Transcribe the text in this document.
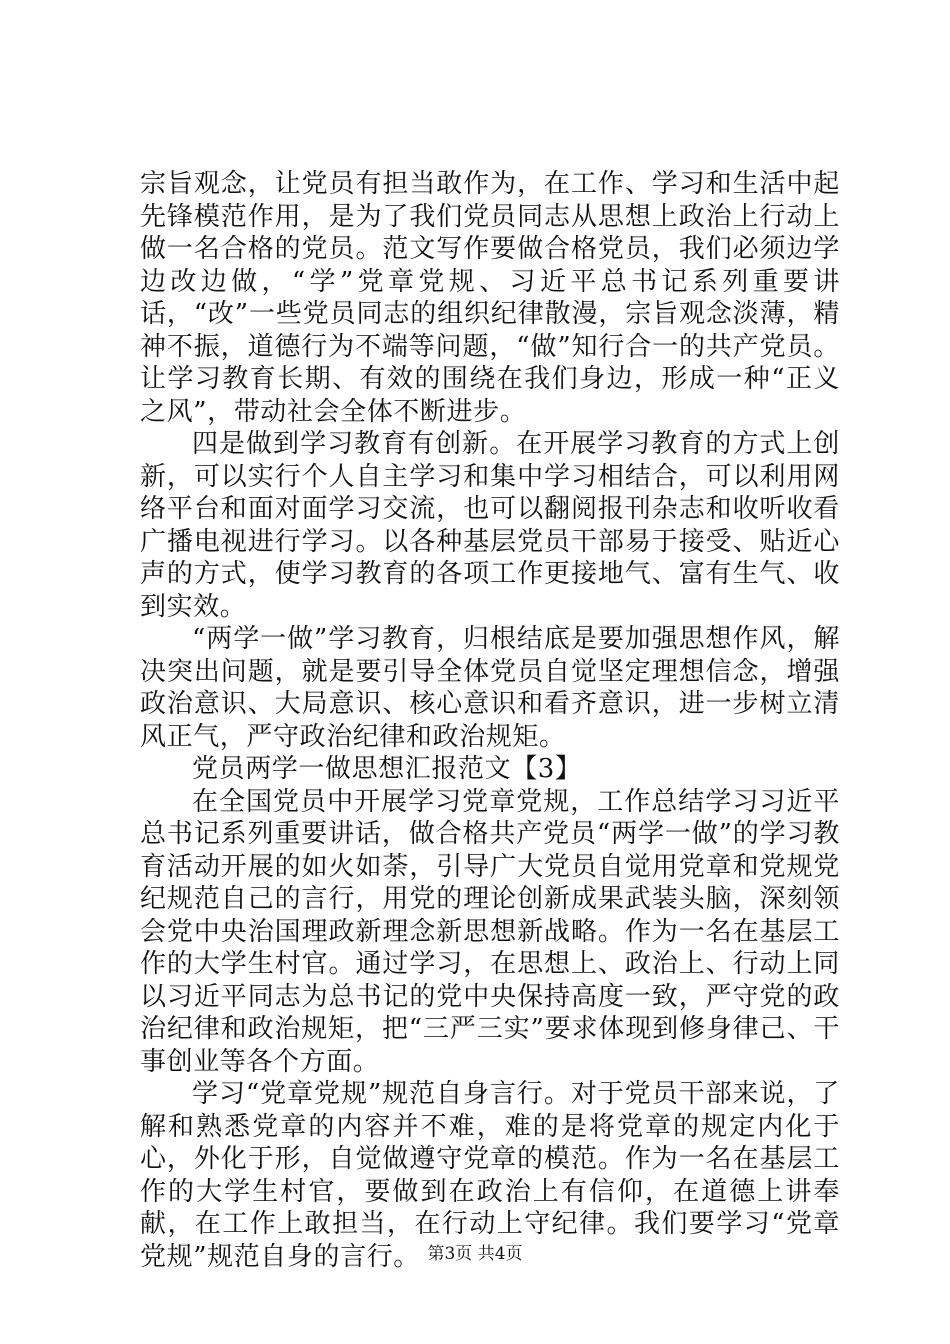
宗旨观念，让党员有担当敢作为，在工作、学习和生活中起先锋模范作用，是为了我们党员同志从思想上政治上行动上做一名合格的党员。范文写作要做合格党员，我们必须边学边改边做，“学”党章党规、习近平总书记系列重要讲话，“改”一些党员同志的组织纪律散漫，宗旨观念淡薄，精神不振，道德行为不端等问题，“做”知行合一的共产党员。让学习教育长期、有效的围绕在我们身边，形成一种“正义之风”，带动社会全体不断进步。

四是做到学习教育有创新。在开展学习教育的方式上创新，可以实行个人自主学习和集中学习相结合，可以利用网络平台和面对面学习交流，也可以翻阅报刊杂志和收听收看广播电视进行学习。以各种基层党员干部易于接受、贴近心声的方式，使学习教育的各项工作更接地气、富有生气、收到实效。

“两学一做”学习教育，归根结底是要加强思想作风，解决突出问题，就是要引导全体党员自觉坚定理想信念，增强政治意识、大局意识、核心意识和看齐意识，进一步树立清风正气，严守政治纪律和政治规矩。

党员两学一做思想汇报范文【3】

在全国党员中开展学习党章党规，工作总结学习习近平总书记系列重要讲话，做合格共产党员“两学一做”的学习教育活动开展的如火如荼，引导广大党员自觉用党章和党规党纪规范自己的言行，用党的理论创新成果武装头脑，深刻领会党中央治国理政新理念新思想新战略。作为一名在基层工作的大学生村官。通过学习，在思想上、政治上、行动上同以习近平同志为总书记的党中央保持高度一致，严守党的政治纪律和政治规矩，把“三严三实”要求体现到修身律己、干事创业等各个方面。

学习“党章党规”规范自身言行。对于党员干部来说，了解和熟悉党章的内容并不难，难的是将党章的规定内化于心，外化于形，自觉做遵守党章的模范。作为一名在基层工作的大学生村官，要做到在政治上有信仰，在道德上讲奉献，在工作上敢担当，在行动上守纪律。我们要学习“党章党规”规范自身的言行。 第3页 共4页
